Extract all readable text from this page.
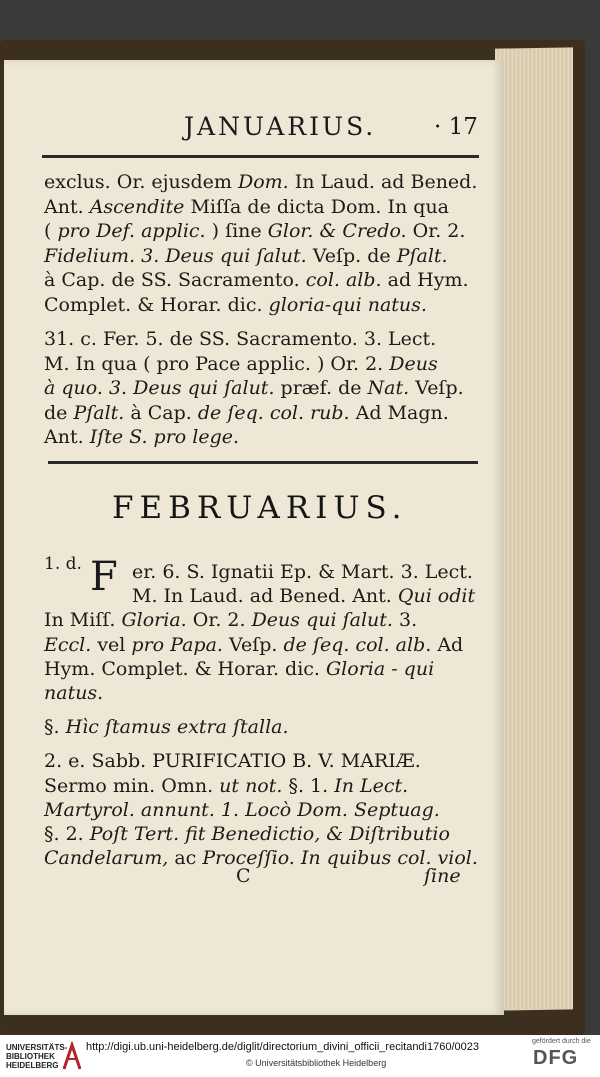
JANUARIUS.	· 17
exclus. Or. ejusdem Dom. In Laud. ad Bened.
Ant. Ascendite Miſſa de dicta Dom. In qua
( pro Def. applic. ) ſine Glor. & Credo. Or. 2.
Fidelium. 3. Deus qui ſalut. Veſp. de Pſalt.
à Cap. de SS. Sacramento. col. alb. ad Hym.
Complet. & Horar. dic. gloria-qui natus.
31. c. Fer. 5. de SS. Sacramento. 3. Lect.
M. In qua ( pro Pace applic. ) Or. 2. Deus
à quo. 3. Deus qui ſalut. præf. de Nat. Veſp.
de Pſalt. à Cap. de ſeq. col. rub. Ad Magn.
Ant. Iſte S. pro lege.
FEBRUARIUS.
1. d. F er. 6. S. Ignatii Ep. & Mart. 3. Lect.
M. In Laud. ad Bened. Ant. Qui odit
In Miſſ. Gloria. Or. 2. Deus qui ſalut. 3.
Eccl. vel pro Papa. Veſp. de ſeq. col. alb. Ad
Hym. Complet. & Horar. dic. Gloria - qui
natus.
§. Hìc ſtamus extra ſtalla.
2. e. Sabb. PURIFICATIO B. V. MARIÆ.
Sermo min. Omn. ut not. §. 1. In Lect.
Martyrol. annunt. 1. Locò Dom. Septuag.
§. 2. Poſt Tert. fit Benedictio, & Diſtributio
Candelarum, ac Proceſſio. In quibus col. viol.
C	ſine
UNIVERSITÄTS-
BIBLIOTHEK
HEIDELBERG
http://digi.ub.uni-heidelberg.de/diglit/directorium_divini_officii_recitandi1760/0023
© Universitätsbibliothek Heidelberg
gefördert durch die
DFG
